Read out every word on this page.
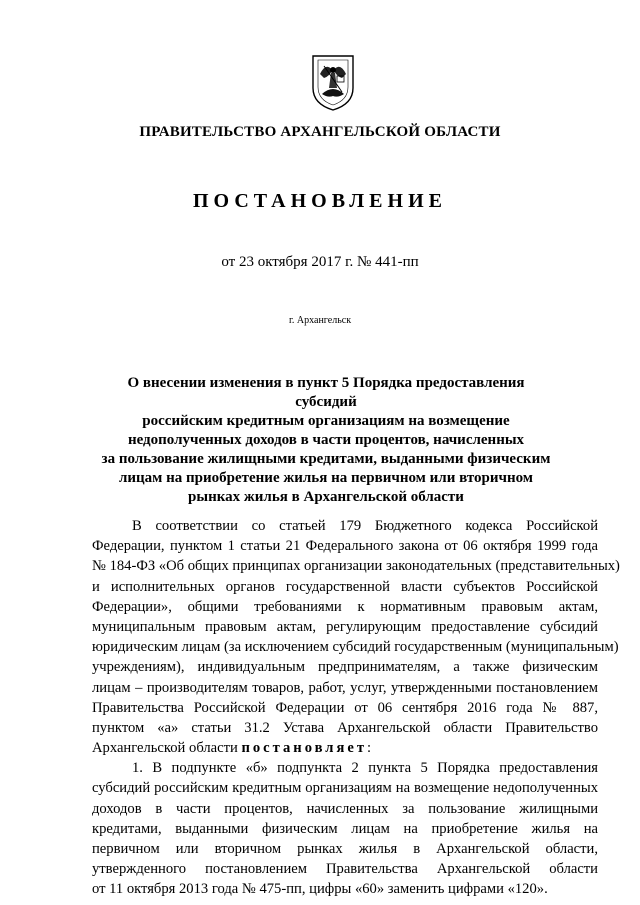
ПРАВИТЕЛЬСТВО АРХАНГЕЛЬСКОЙ ОБЛАСТИ
ПОСТАНОВЛЕНИЕ
от 23 октября 2017 г. № 441-пп
г. Архангельск
О внесении изменения в пункт 5 Порядка предоставления субсидий
российским кредитным организациям на возмещение
недополученных доходов в части процентов, начисленных
за пользование жилищными кредитами, выданными физическим
лицам на приобретение жилья на первичном или вторичном
рынках жилья в Архангельской области
В соответствии со статьей 179 Бюджетного кодекса Российской
Федерации, пунктом 1 статьи 21 Федерального закона от 06 октября 1999 года
№ 184-ФЗ «Об общих принципах организации законодательных (представительных)
и исполнительных органов государственной власти субъектов Российской
Федерации», общими требованиями к нормативным правовым актам,
муниципальным правовым актам, регулирующим предоставление субсидий
юридическим лицам (за исключением субсидий государственным (муниципальным)
учреждениям), индивидуальным предпринимателям, а также физическим
лицам – производителям товаров, работ, услуг, утвержденными постановлением
Правительства Российской Федерации от 06 сентября 2016 года № 887,
пунктом «а» статьи 31.2 Устава Архангельской области Правительство
Архангельской области постановляет:
1. В подпункте «б» подпункта 2 пункта 5 Порядка предоставления
субсидий российским кредитным организациям на возмещение недополученных
доходов в части процентов, начисленных за пользование жилищными
кредитами, выданными физическим лицам на приобретение жилья на
первичном или вторичном рынках жилья в Архангельской области,
утвержденного постановлением Правительства Архангельской области
от 11 октября 2013 года № 475-пп, цифры «60» заменить цифрами «120».
